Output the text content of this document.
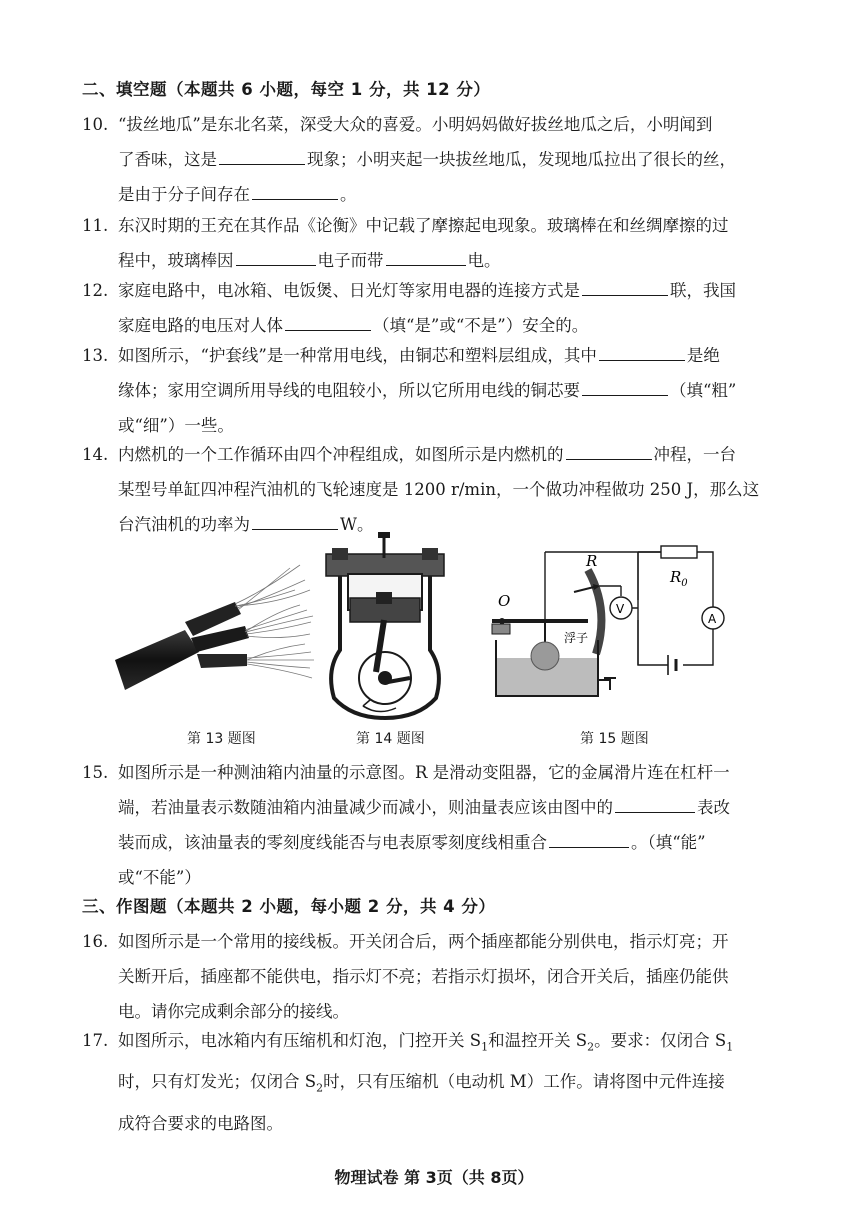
二、填空题（本题共 6 小题，每空 1 分，共 12 分）
10. “拔丝地瓜”是东北名菜，深受大众的喜爱。小明妈妈做好拔丝地瓜之后，小明闻到
了香味，这是	现象；小明夹起一块拔丝地瓜，发现地瓜拉出了很长的丝，
是由于分子间存在	。
11. 东汉时期的王充在其作品《论衡》中记载了摩擦起电现象。玻璃棒在和丝绸摩擦的过
程中，玻璃棒因	电子而带	电。
12. 家庭电路中，电冰箱、电饭煲、日光灯等家用电器的连接方式是	联，我国
家庭电路的电压对人体	（填“是”或“不是”）安全的。
13. 如图所示，“护套线”是一种常用电线，由铜芯和塑料层组成，其中	是绝
缘体；家用空调所用导线的电阻较小，所以它所用电线的铜芯要	（填“粗”
或“细”）一些。
14. 内燃机的一个工作循环由四个冲程组成，如图所示是内燃机的	冲程，一台
某型号单缸四冲程汽油机的飞轮速度是 1200 r/min，一个做功冲程做功 250 J，那么这
台汽油机的功率为	W。
第 13 题图	第 14 题图
$R_0$
V
A
R
O
浮子
第 15 题图
15. 如图所示是一种测油箱内油量的示意图。R 是滑动变阻器，它的金属滑片连在杠杆一
端，若油量表示数随油箱内油量减少而减小，则油量表应该由图中的	表改
装而成，该油量表的零刻度线能否与电表原零刻度线相重合	。（填“能”
或“不能”）
三、作图题（本题共 2 小题，每小题 2 分，共 4 分）
16. 如图所示是一个常用的接线板。开关闭合后，两个插座都能分别供电，指示灯亮；开
关断开后，插座都不能供电，指示灯不亮；若指示灯损坏，闭合开关后，插座仍能供
电。请你完成剩余部分的接线。
17. 如图所示，电冰箱内有压缩机和灯泡，门控开关 $S_1$和温控开关 $S_2$。要求：仅闭合 $S_1$
时，只有灯发光；仅闭合 $S_2$时，只有压缩机（电动机 M）工作。请将图中元件连接
成符合要求的电路图。
物理试卷 第 3页（共 8页）
